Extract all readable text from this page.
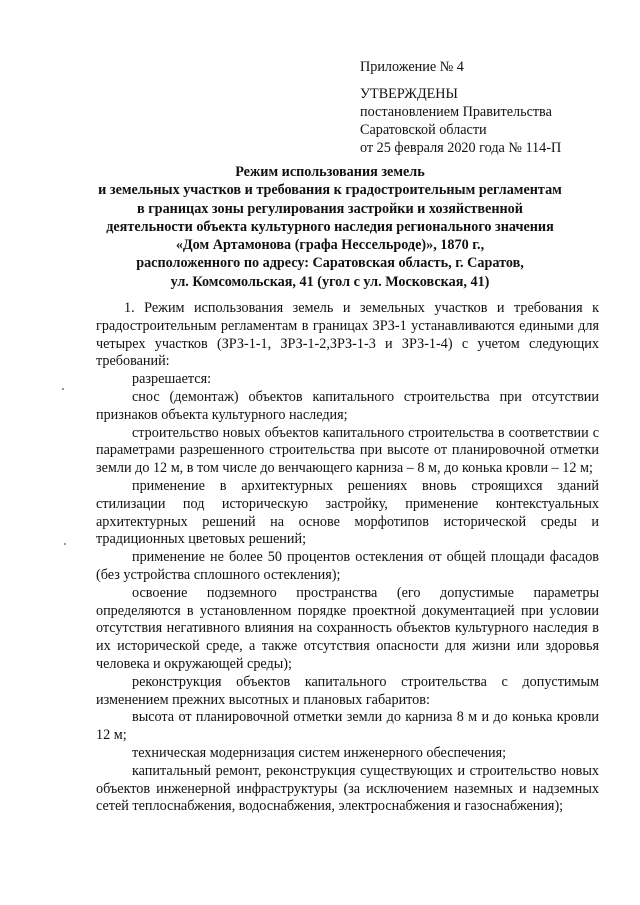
Приложение № 4
УТВЕРЖДЕНЫ
постановлением Правительства
Саратовской области
от 25 февраля 2020 года № 114-П
Режим использования земель
и земельных участков и требования к градостроительным регламентам
в границах зоны регулирования застройки и хозяйственной
деятельности объекта культурного наследия регионального значения
«Дом Артамонова (графа Нессельроде)», 1870 г.,
расположенного по адресу: Саратовская область, г. Саратов,
ул. Комсомольская, 41 (угол с ул. Московская, 41)

1. Режим использования земель и земельных участков и требования к градостроительным регламентам в границах ЗРЗ-1 устанавливаются едиными для четырех участков (ЗРЗ-1-1, ЗРЗ-1-2,ЗРЗ-1-3 и ЗРЗ-1-4) с учетом следующих требований:

разрешается:

снос (демонтаж) объектов капитального строительства при отсутствии признаков объекта культурного наследия;

строительство новых объектов капитального строительства в соответствии с параметрами разрешенного строительства при высоте от планировочной отметки земли до 12 м, в том числе до венчающего карниза – 8 м, до конька кровли – 12 м;

применение в архитектурных решениях вновь строящихся зданий стилизации под историческую застройку, применение контекстуальных архитектурных решений на основе морфотипов исторической среды и традиционных цветовых решений;

применение не более 50 процентов остекления от общей площади фасадов (без устройства сплошного остекления);

освоение подземного пространства (его допустимые параметры определяются в установленном порядке проектной документацией при условии отсутствия негативного влияния на сохранность объектов культурного наследия в их исторической среде, а также отсутствия опасности для жизни или здоровья человека и окружающей среды);

реконструкция объектов капитального строительства с допустимым изменением прежних высотных и плановых габаритов:

высота от планировочной отметки земли до карниза 8 м и до конька кровли 12 м;

техническая модернизация систем инженерного обеспечения;

капитальный ремонт, реконструкция существующих и строительство новых объектов инженерной инфраструктуры (за исключением наземных и надземных сетей теплоснабжения, водоснабжения, электроснабжения и газоснабжения);
